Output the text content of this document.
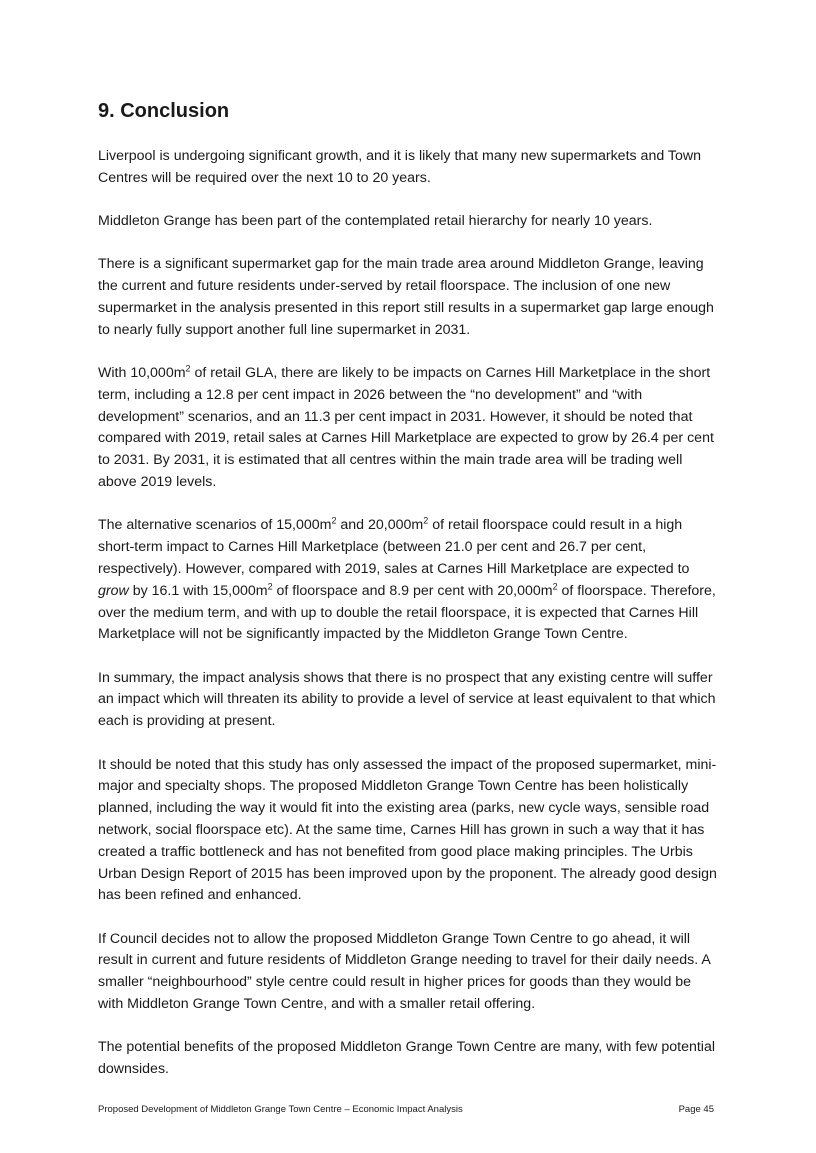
9. Conclusion

Liverpool is undergoing significant growth, and it is likely that many new supermarkets and Town Centres will be required over the next 10 to 20 years.

Middleton Grange has been part of the contemplated retail hierarchy for nearly 10 years.

There is a significant supermarket gap for the main trade area around Middleton Grange, leaving the current and future residents under-served by retail floorspace. The inclusion of one new supermarket in the analysis presented in this report still results in a supermarket gap large enough to nearly fully support another full line supermarket in 2031.

With $10,000m^2$ of retail GLA, there are likely to be impacts on Carnes Hill Marketplace in the short term, including a 12.8 per cent impact in 2026 between the “no development” and “with development” scenarios, and an 11.3 per cent impact in 2031. However, it should be noted that compared with 2019, retail sales at Carnes Hill Marketplace are expected to grow by 26.4 per cent to 2031. By 2031, it is estimated that all centres within the main trade area will be trading well above 2019 levels.

The alternative scenarios of $15,000m^2$ and $20,000m^2$ of retail floorspace could result in a high short-term impact to Carnes Hill Marketplace (between 21.0 per cent and 26.7 per cent, respectively). However, compared with 2019, sales at Carnes Hill Marketplace are expected to grow by 16.1 with $15,000m^2$ of floorspace and 8.9 per cent with $20,000m^2$ of floorspace. Therefore, over the medium term, and with up to double the retail floorspace, it is expected that Carnes Hill Marketplace will not be significantly impacted by the Middleton Grange Town Centre.

In summary, the impact analysis shows that there is no prospect that any existing centre will suffer an impact which will threaten its ability to provide a level of service at least equivalent to that which each is providing at present.

It should be noted that this study has only assessed the impact of the proposed supermarket, mini-major and specialty shops. The proposed Middleton Grange Town Centre has been holistically planned, including the way it would fit into the existing area (parks, new cycle ways, sensible road network, social floorspace etc). At the same time, Carnes Hill has grown in such a way that it has created a traffic bottleneck and has not benefited from good place making principles. The Urbis Urban Design Report of 2015 has been improved upon by the proponent. The already good design has been refined and enhanced.

If Council decides not to allow the proposed Middleton Grange Town Centre to go ahead, it will result in current and future residents of Middleton Grange needing to travel for their daily needs. A smaller “neighbourhood” style centre could result in higher prices for goods than they would be with Middleton Grange Town Centre, and with a smaller retail offering.

The potential benefits of the proposed Middleton Grange Town Centre are many, with few potential downsides.

Proposed Development of Middleton Grange Town Centre – Economic Impact Analysis	Page 45
